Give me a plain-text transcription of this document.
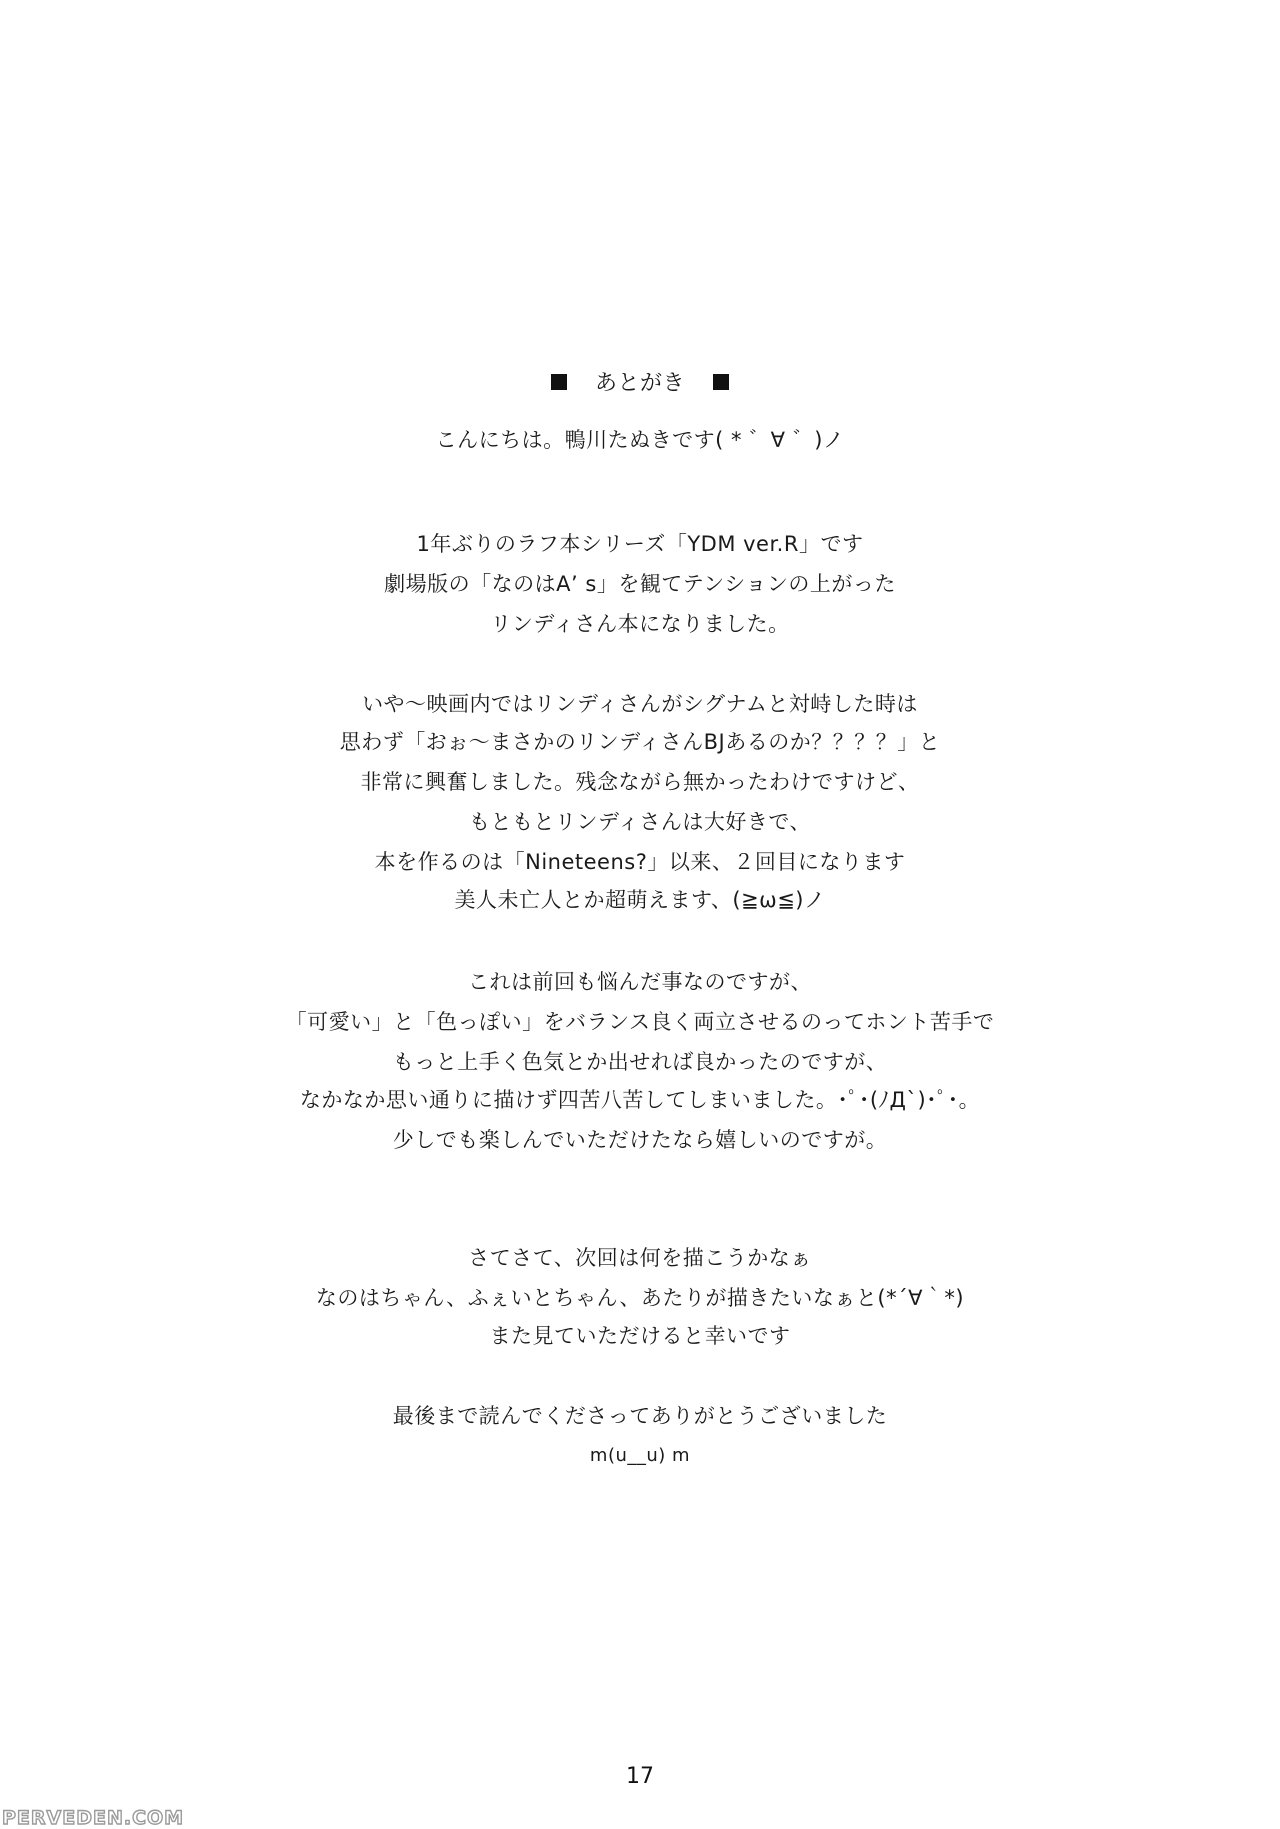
あとがき
こんにちは。鴨川たぬきです( * ゛∀ ゛)ノ
1年ぶりのラフ本シリーズ「YDM ver.R」です
劇場版の「なのはA’ s」を観てテンションの上がった
リンディさん本になりました。
いや～映画内ではリンディさんがシグナムと対峙した時は
思わず「おぉ～まさかのリンディさんBJあるのか？？？？」と
非常に興奮しました。残念ながら無かったわけですけど、
もともとリンディさんは大好きで、
本を作るのは「Nineteens?」以来、２回目になります
美人未亡人とか超萌えます、(≧ω≦)ノ
これは前回も悩んだ事なのですが、
「可愛い」と「色っぽい」をバランス良く両立させるのってホント苦手で
もっと上手く色気とか出せれば良かったのですが、
なかなか思い通りに描けず四苦八苦してしまいました。･ﾟ･(ﾉД`)･ﾟ･。
少しでも楽しんでいただけたなら嬉しいのですが。
さてさて、次回は何を描こうかなぁ
なのはちゃん、ふぇいとちゃん、あたりが描きたいなぁと(*´∀｀*)
また見ていただけると幸いです
最後まで読んでくださってありがとうございました
m(u__u) m
17
PERVEDEN.COM
